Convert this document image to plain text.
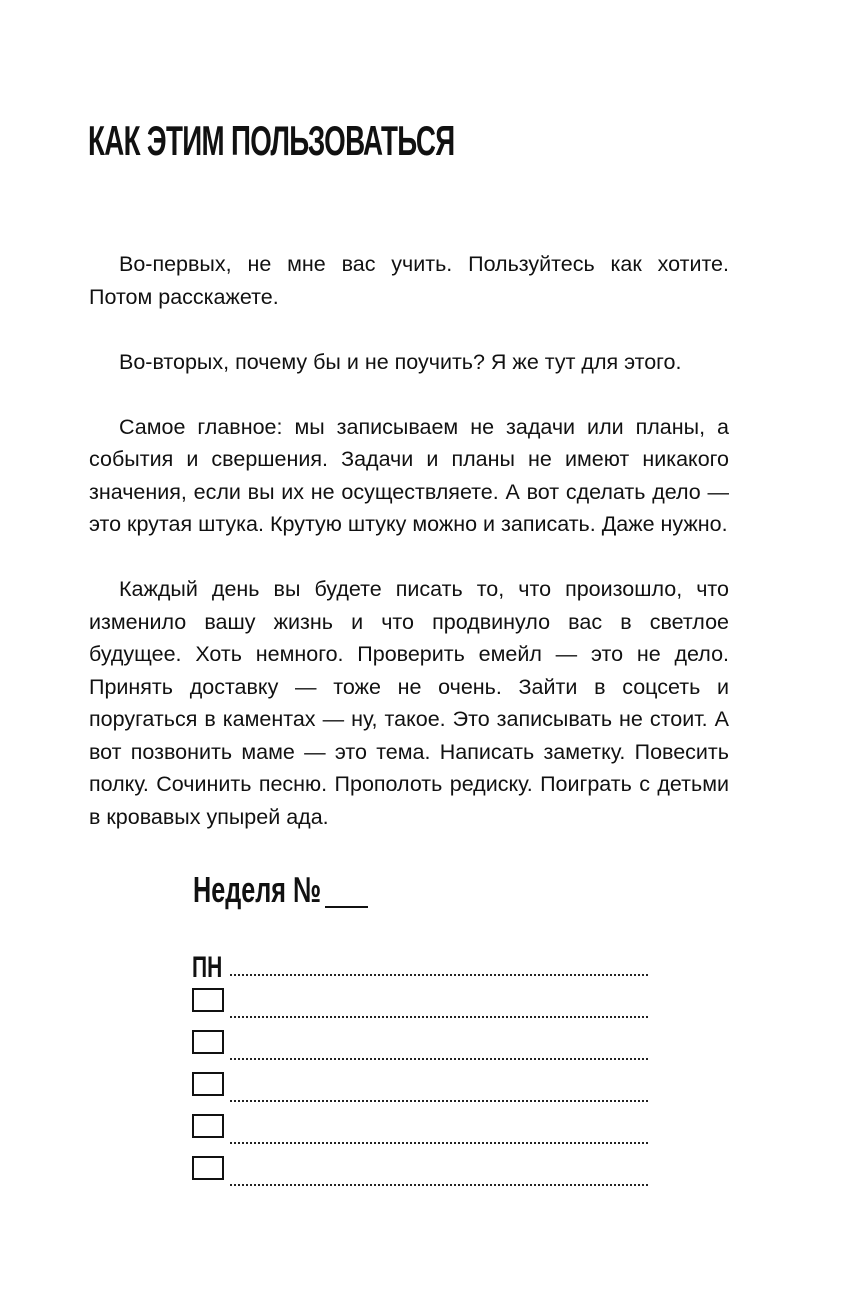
КАК ЭТИМ ПОЛЬЗОВАТЬСЯ

Во-первых, не мне вас учить. Пользуйтесь как хотите. Потом расскажете.

Во-вторых, почему бы и не поучить? Я же тут для этого.

Самое главное: мы записываем не задачи или планы, а события и свершения. Задачи и планы не имеют никакого значения, если вы их не осуществляете. А вот сделать дело — это крутая штука. Крутую штуку можно и записать. Даже нужно.

Каждый день вы будете писать то, что произошло, что изменило вашу жизнь и что продвинуло вас в светлое будущее. Хоть немного. Проверить емейл — это не дело. Принять доставку — тоже не очень. Зайти в соцсеть и поругаться в каментах — ну, такое. Это записывать не стоит. А вот позвонить маме — это тема. Написать заметку. Повесить полку. Сочинить песню. Прополоть редиску. Поиграть с детьми в кровавых упырей ада.

Неделя №
ПН
